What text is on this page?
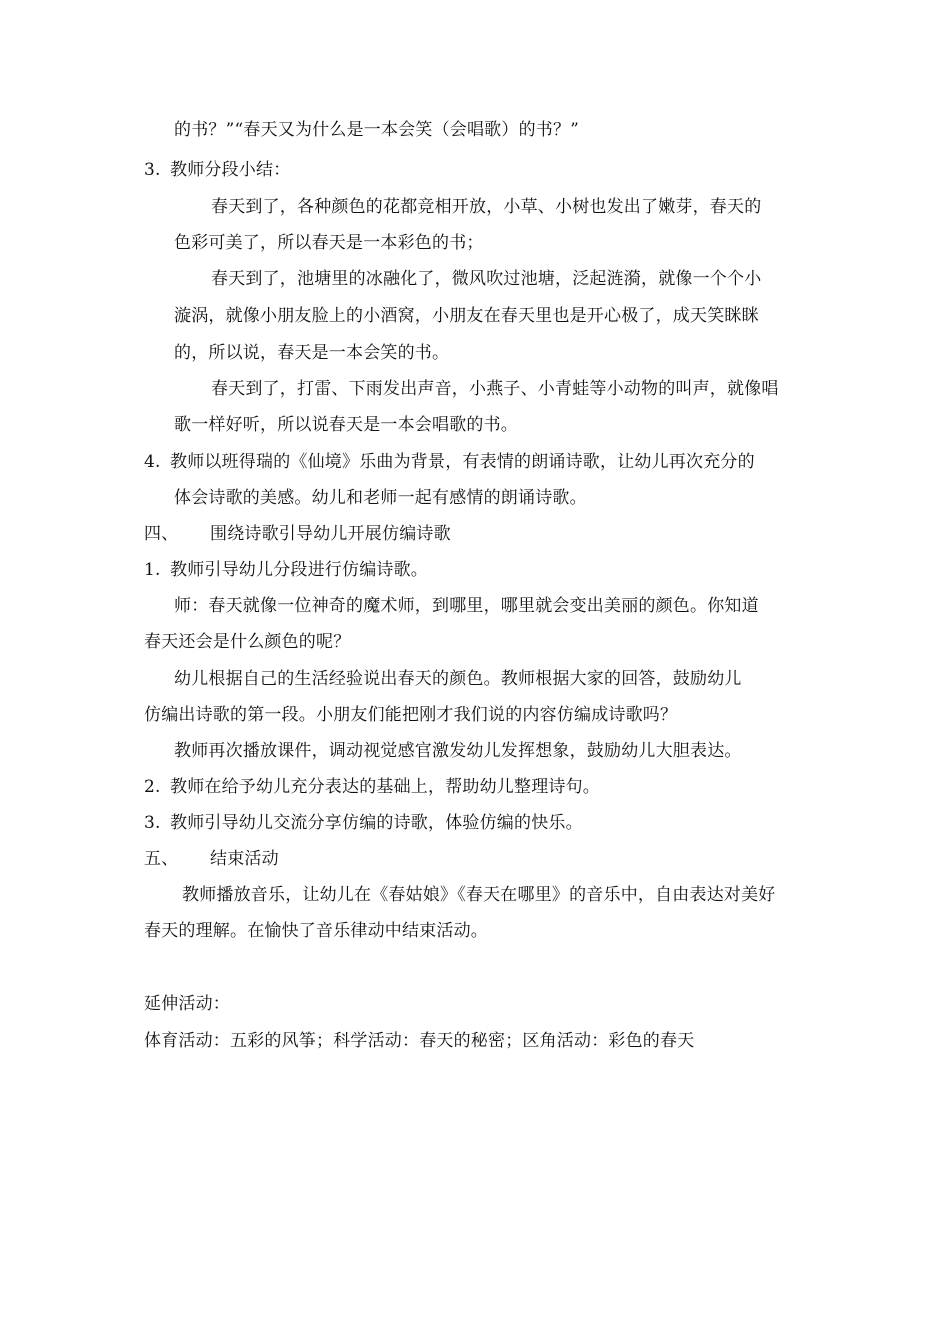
的书？”“春天又为什么是一本会笑（会唱歌）的书？”
3. 教师分段小结：
春天到了，各种颜色的花都竞相开放，小草、小树也发出了嫩芽，春天的
色彩可美了，所以春天是一本彩色的书；
春天到了，池塘里的冰融化了，微风吹过池塘，泛起涟漪，就像一个个小
漩涡，就像小朋友脸上的小酒窝，小朋友在春天里也是开心极了，成天笑眯眯
的，所以说，春天是一本会笑的书。
春天到了，打雷、下雨发出声音，小燕子、小青蛙等小动物的叫声，就像唱
歌一样好听，所以说春天是一本会唱歌的书。
4. 教师以班得瑞的《仙境》乐曲为背景，有表情的朗诵诗歌，让幼儿再次充分的
体会诗歌的美感。幼儿和老师一起有感情的朗诵诗歌。
四、 围绕诗歌引导幼儿开展仿编诗歌
1. 教师引导幼儿分段进行仿编诗歌。
师：春天就像一位神奇的魔术师，到哪里，哪里就会变出美丽的颜色。你知道
春天还会是什么颜色的呢？
幼儿根据自己的生活经验说出春天的颜色。教师根据大家的回答，鼓励幼儿
仿编出诗歌的第一段。小朋友们能把刚才我们说的内容仿编成诗歌吗？
教师再次播放课件，调动视觉感官激发幼儿发挥想象，鼓励幼儿大胆表达。
2. 教师在给予幼儿充分表达的基础上，帮助幼儿整理诗句。
3. 教师引导幼儿交流分享仿编的诗歌，体验仿编的快乐。
五、 结束活动
教师播放音乐，让幼儿在《春姑娘》《春天在哪里》的音乐中，自由表达对美好
春天的理解。在愉快了音乐律动中结束活动。
延伸活动：
体育活动：五彩的风筝；科学活动：春天的秘密；区角活动：彩色的春天
